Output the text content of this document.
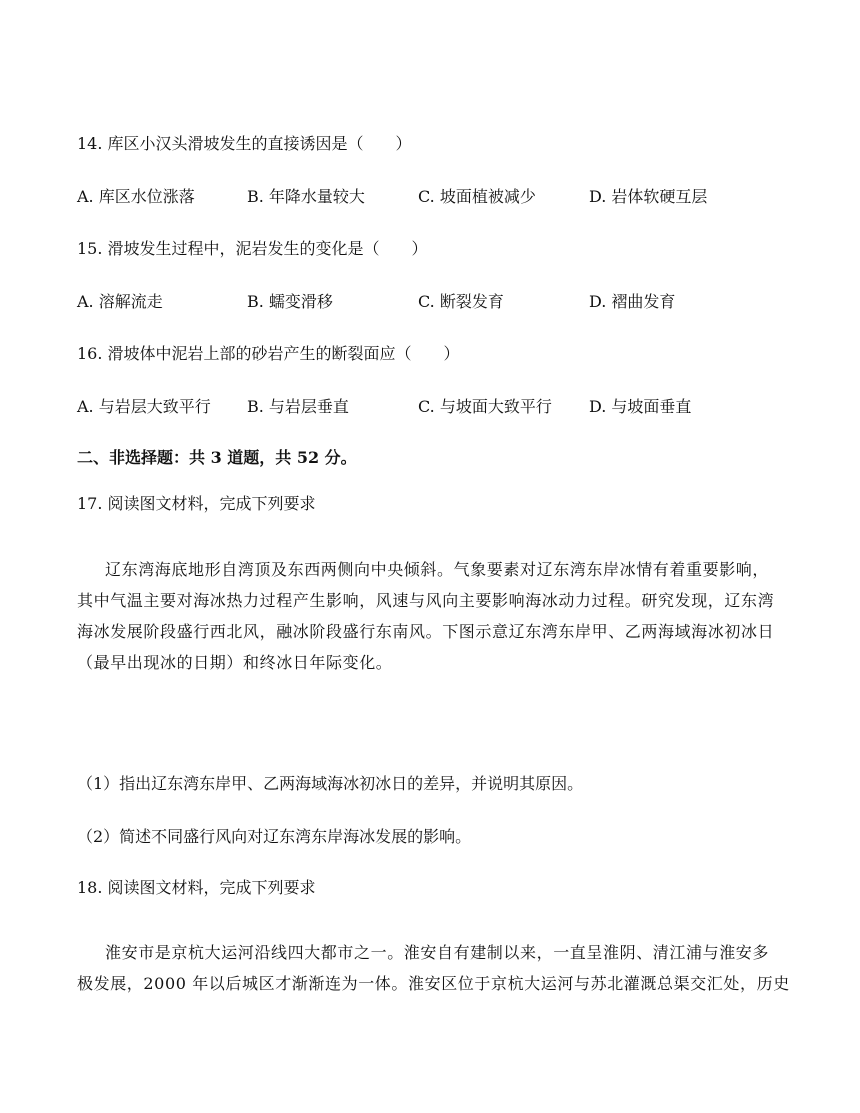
14. 库区小汉头滑坡发生的直接诱因是（　　）
A. 库区水位涨落	B. 年降水量较大	C. 坡面植被减少	D. 岩体软硬互层
15. 滑坡发生过程中，泥岩发生的变化是（　　）
A. 溶解流走	B. 蠕变滑移	C. 断裂发育	D. 褶曲发育
16. 滑坡体中泥岩上部的砂岩产生的断裂面应（　　）
A. 与岩层大致平行 B. 与岩层垂直	C. 与坡面大致平行 D. 与坡面垂直
二、非选择题：共 3 道题，共 52 分。
17. 阅读图文材料，完成下列要求
辽东湾海底地形自湾顶及东西两侧向中央倾斜。气象要素对辽东湾东岸冰情有着重要影响，
其中气温主要对海冰热力过程产生影响，风速与风向主要影响海冰动力过程。研究发现，辽东湾
海冰发展阶段盛行西北风，融冰阶段盛行东南风。下图示意辽东湾东岸甲、乙两海域海冰初冰日
（最早出现冰的日期）和终冰日年际变化。
（1）指出辽东湾东岸甲、乙两海域海冰初冰日的差异，并说明其原因。
（2）简述不同盛行风向对辽东湾东岸海冰发展的影响。
18. 阅读图文材料，完成下列要求
淮安市是京杭大运河沿线四大都市之一。淮安自有建制以来，一直呈淮阴、清江浦与淮安多
极发展，2000 年以后城区才渐渐连为一体。淮安区位于京杭大运河与苏北灌溉总渠交汇处，历史
